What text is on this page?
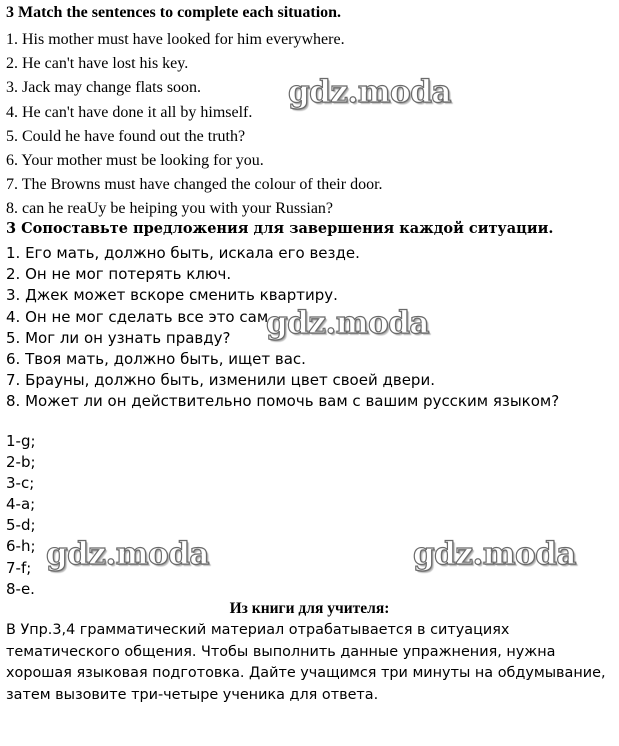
3 Match the sentences to complete each situation.
1. His mother must have looked for him everywhere.
2. He can't have lost his key.
3. Jack may change flats soon.
4. He can't have done it all by himself.
5. Could he have found out the truth?
6. Your mother must be looking for you.
7. The Browns must have changed the colour of their door.
8. can he reaUy be heiping you with your Russian?
3 Сопоставьте предложения для завершения каждой ситуации.
1. Его мать, должно быть, искала его везде.
2. Он не мог потерять ключ.
3. Джек может вскоре сменить квартиру.
4. Он не мог сделать все это сам.
5. Мог ли он узнать правду?
6. Твоя мать, должно быть, ищет вас.
7. Брауны, должно быть, изменили цвет своей двери.
8. Может ли он действительно помочь вам с вашим русским языком?
1-g;
2-b;
3-c;
4-a;
5-d;
6-h;
7-f;
8-e.
Из книги для учителя:

В Упр.3,4 грамматический материал отрабатывается в ситуациях
тематического общения. Чтобы выполнить данные упражнения, нужна
хорошая языковая подготовка. Дайте учащимся три минуты на обдумывание,
затем вызовите три-четыре ученика для ответа.

gdz.moda
gdz.moda
gdz.moda	gdz.moda
